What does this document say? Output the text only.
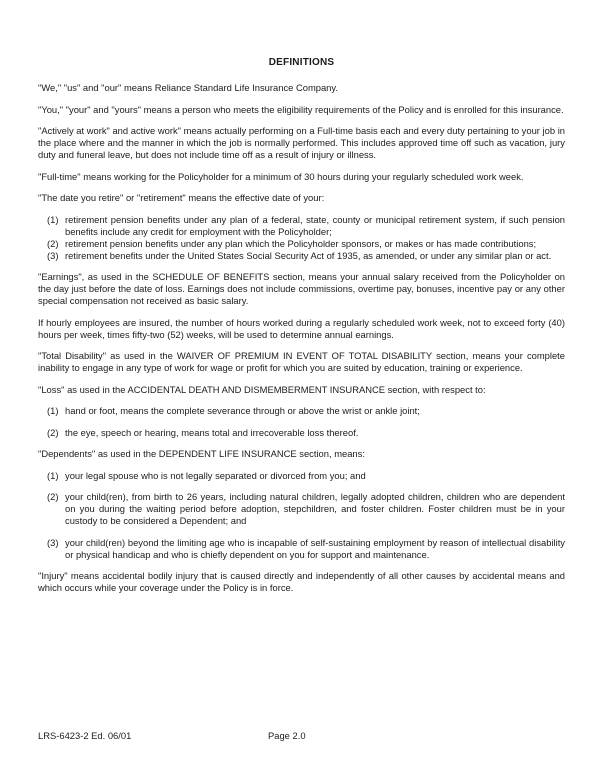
DEFINITIONS
"We," "us" and "our" means Reliance Standard Life Insurance Company.
"You," "your" and "yours" means a person who meets the eligibility requirements of the Policy and is enrolled for this insurance.
"Actively at work" and active work" means actually performing on a Full-time basis each and every duty pertaining to your job in the place where and the manner in which the job is normally performed. This includes approved time off such as vacation, jury duty and funeral leave, but does not include time off as a result of injury or illness.
"Full-time" means working for the Policyholder for a minimum of 30 hours during your regularly scheduled work week.
"The date you retire" or "retirement" means the effective date of your:
(1) retirement pension benefits under any plan of a federal, state, county or municipal retirement system, if such pension benefits include any credit for employment with the Policyholder;
(2) retirement pension benefits under any plan which the Policyholder sponsors, or makes or has made contributions;
(3) retirement benefits under the United States Social Security Act of 1935, as amended, or under any similar plan or act.
"Earnings", as used in the SCHEDULE OF BENEFITS section, means your annual salary received from the Policyholder on the day just before the date of loss. Earnings does not include commissions, overtime pay, bonuses, incentive pay or any other special compensation not received as basic salary.
If hourly employees are insured, the number of hours worked during a regularly scheduled work week, not to exceed forty (40) hours per week, times fifty-two (52) weeks, will be used to determine annual earnings.
"Total Disability" as used in the WAIVER OF PREMIUM IN EVENT OF TOTAL DISABILITY section, means your complete inability to engage in any type of work for wage or profit for which you are suited by education, training or experience.
"Loss" as used in the ACCIDENTAL DEATH AND DISMEMBERMENT INSURANCE section, with respect to:
(1) hand or foot, means the complete severance through or above the wrist or ankle joint;
(2) the eye, speech or hearing, means total and irrecoverable loss thereof.
"Dependents" as used in the DEPENDENT LIFE INSURANCE section, means:
(1) your legal spouse who is not legally separated or divorced from you; and
(2) your child(ren), from birth to 26 years, including natural children, legally adopted children, children who are dependent on you during the waiting period before adoption, stepchildren, and foster children. Foster children must be in your custody to be considered a Dependent; and
(3) your child(ren) beyond the limiting age who is incapable of self-sustaining employment by reason of intellectual disability or physical handicap and who is chiefly dependent on you for support and maintenance.
"Injury" means accidental bodily injury that is caused directly and independently of all other causes by accidental means and which occurs while your coverage under the Policy is in force.
LRS-6423-2 Ed. 06/01	Page 2.0
